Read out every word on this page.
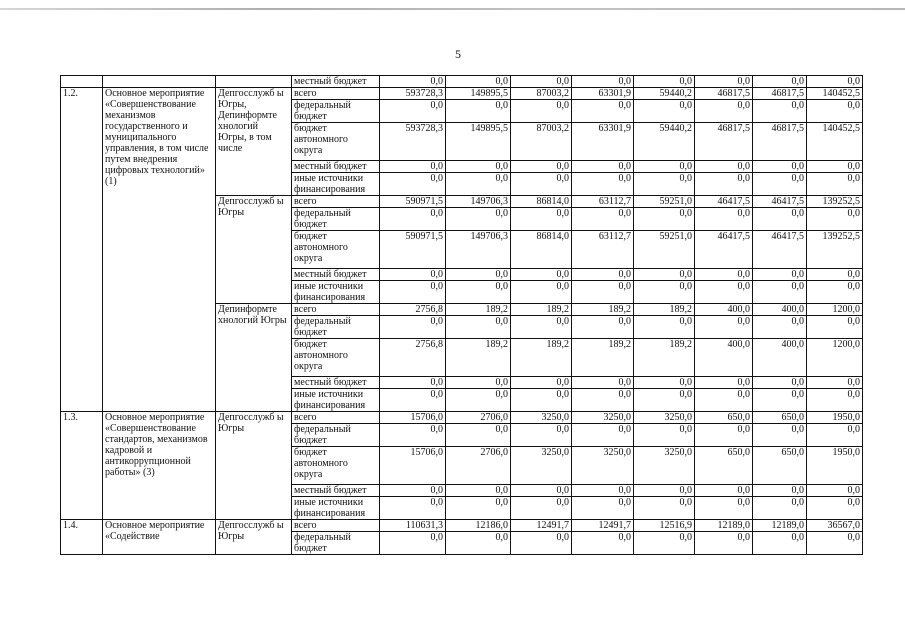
5
			местный бюджет	0,0	0,0	0,0	0,0	0,0	0,0	0,0	0,0
1.2.	Основное мероприятие «Совершенствование механизмов государственного и муниципального управления, в том числе путем внедрения цифровых технологий» (1)	Депгосслужб ы Югры, Депинформте хнологий Югры, в том числе	всего	593728,3	149895,5	87003,2	63301,9	59440,2	46817,5	46817,5	140452,5
			федеральный бюджет	0,0	0,0	0,0	0,0	0,0	0,0	0,0	0,0
			бюджет автономного округа	593728,3	149895,5	87003,2	63301,9	59440,2	46817,5	46817,5	140452,5
			местный бюджет	0,0	0,0	0,0	0,0	0,0	0,0	0,0	0,0
			иные источники финансирования	0,0	0,0	0,0	0,0	0,0	0,0	0,0	0,0
		Депгосслужб ы Югры	всего	590971,5	149706,3	86814,0	63112,7	59251,0	46417,5	46417,5	139252,5
			федеральный бюджет	0,0	0,0	0,0	0,0	0,0	0,0	0,0	0,0
			бюджет автономного округа	590971,5	149706,3	86814,0	63112,7	59251,0	46417,5	46417,5	139252,5
			местный бюджет	0,0	0,0	0,0	0,0	0,0	0,0	0,0	0,0
			иные источники финансирования	0,0	0,0	0,0	0,0	0,0	0,0	0,0	0,0
		Депинформте хнологий Югры	всего	2756,8	189,2	189,2	189,2	189,2	400,0	400,0	1200,0
			федеральный бюджет	0,0	0,0	0,0	0,0	0,0	0,0	0,0	0,0
			бюджет автономного округа	2756,8	189,2	189,2	189,2	189,2	400,0	400,0	1200,0
			местный бюджет	0,0	0,0	0,0	0,0	0,0	0,0	0,0	0,0
			иные источники финансирования	0,0	0,0	0,0	0,0	0,0	0,0	0,0	0,0
1.3.	Основное мероприятие «Совершенствование стандартов, механизмов кадровой и антикоррупционной работы» (3)	Депгосслужб ы Югры	всего	15706,0	2706,0	3250,0	3250,0	3250,0	650,0	650,0	1950,0
			федеральный бюджет	0,0	0,0	0,0	0,0	0,0	0,0	0,0	0,0
			бюджет автономного округа	15706,0	2706,0	3250,0	3250,0	3250,0	650,0	650,0	1950,0
			местный бюджет	0,0	0,0	0,0	0,0	0,0	0,0	0,0	0,0
			иные источники финансирования	0,0	0,0	0,0	0,0	0,0	0,0	0,0	0,0
1.4.	Основное мероприятие «Содействие	Депгосслужб ы Югры	всего	110631,3	12186,0	12491,7	12491,7	12516,9	12189,0	12189,0	36567,0
			федеральный бюджет	0,0	0,0	0,0	0,0	0,0	0,0	0,0	0,0
